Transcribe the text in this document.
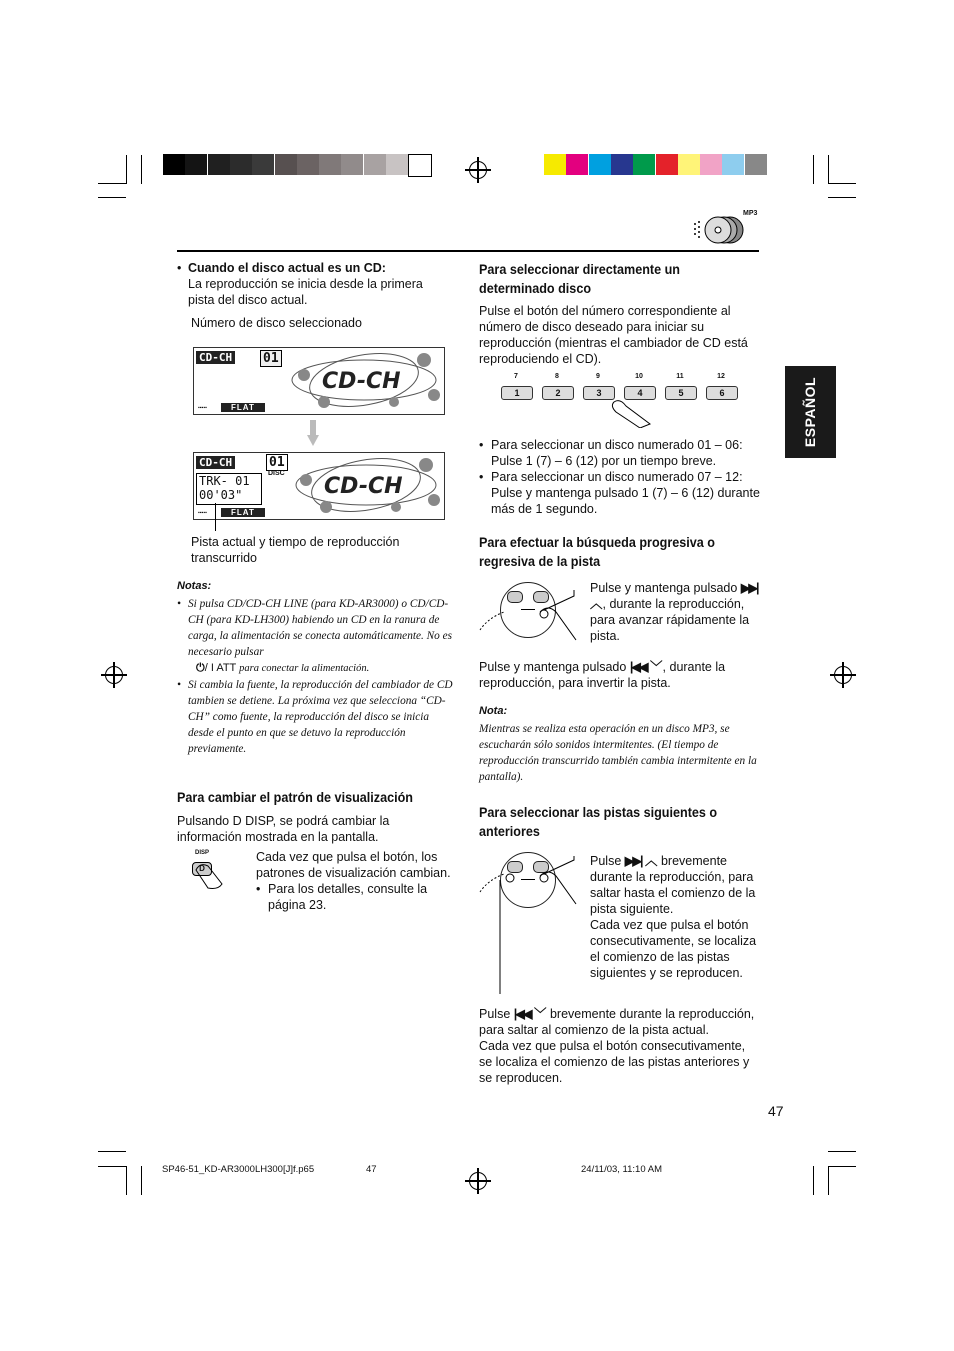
MP3
ESPAÑOL
• Cuando el disco actual es un CD:
La reproducción se inicia desde la primera pista del disco actual.
Número de disco seleccionado
CD-CH 01
CD-CH
▪▪▪▪▪	FLAT
CD-CH	01
DISC
TRK- 01
00'03"	CD-CH
▪▪▪▪▪	FLAT
Pista actual y tiempo de reproducción transcurrido
Notas:
• Si pulsa CD/CD-CH LINE (para KD-AR3000) o CD/CD-CH (para KD-LH300) habiendo un CD en la ranura de carga, la alimentación se conecta automáticamente. No es necesario pulsar
⏻/ I ATT para conectar la alimentación.
• Si cambia la fuente, la reproducción del cambiador de CD tambien se detiene. La próxima vez que selecciona “CD-CH” como fuente, la reproducción del disco se inicia desde el punto en que se detuvo la reproducción previamente.
Para cambiar el patrón de visualización
Pulsando D DISP, se podrá cambiar la información mostrada en la pantalla.
DISP
D
Cada vez que pulsa el botón, los patrones de visualización cambian.
• Para los detalles, consulte la página 23.
Para seleccionar directamente un determinado disco
Pulse el botón del número correspondiente al número de disco deseado para iniciar su reproducción (mientras el cambiador de CD está reproduciendo el CD).
7
1
8
2
9
3
10
4
11
5
12
6
• Para seleccionar un disco numerado 01 – 06: Pulse 1 (7) – 6 (12) por un tiempo breve.
• Para seleccionar un disco numerado 07 – 12: Pulse y mantenga pulsado 1 (7) – 6 (12) durante más de 1 segundo.
Para efectuar la búsqueda progresiva o regresiva de la pista
Pulse y mantenga pulsado ▶▶| ︿, durante la reproducción, para avanzar rápidamente la pista.
Pulse y mantenga pulsado |◀◀ ﹀, durante la reproducción, para invertir la pista.
Nota:
Mientras se realiza esta operación en un disco MP3, se escucharán sólo sonidos intermitentes. (El tiempo de reproducción transcurrido también cambia intermitente en la pantalla).
Para seleccionar las pistas siguientes o anteriores
Pulse ▶▶| ︿ brevemente durante la reproducción, para saltar hasta el comienzo de la pista siguiente.
Cada vez que pulsa el botón consecutivamente, se localiza el comienzo de las pistas siguientes y se reproducen.
Pulse |◀◀ ﹀ brevemente durante la reproducción, para saltar al comienzo de la pista actual.
Cada vez que pulsa el botón consecutivamente, se localiza el comienzo de las pistas anteriores y se reproducen.
47
SP46-51_KD-AR3000LH300[J]f.p65	47	24/11/03, 11:10 AM
